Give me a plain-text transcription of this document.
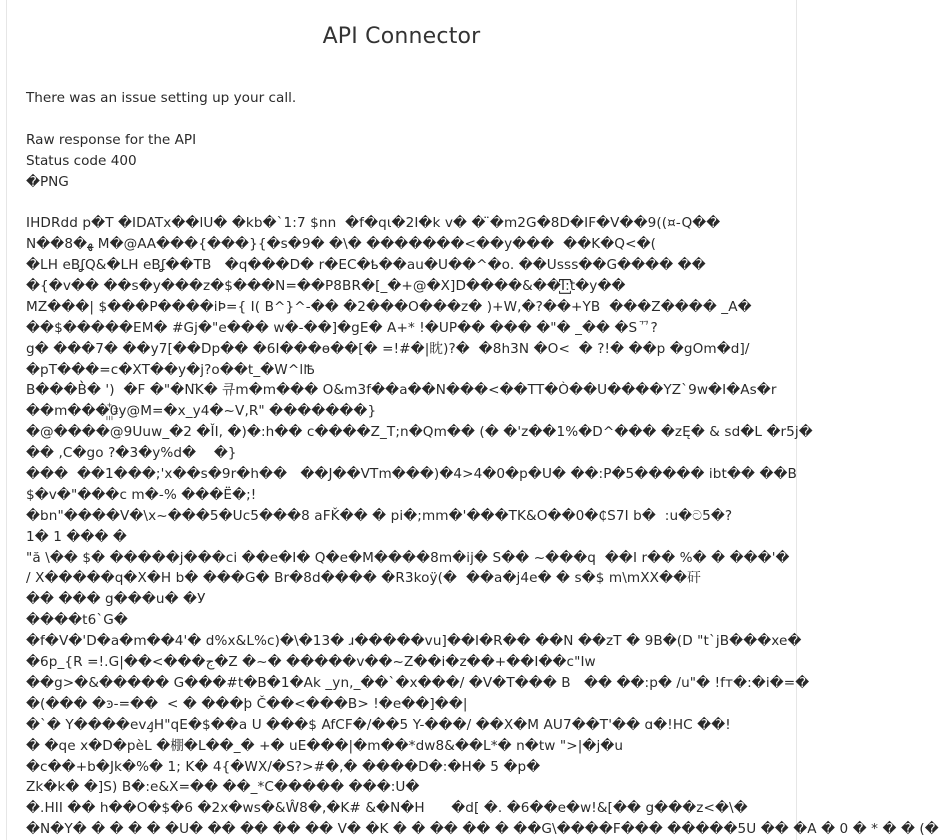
API Connector
There was an issue setting up your call.
Raw response for the API
Status code 400
�PNG
IHDRdd p�T �IDATx��lU� �kb�`1:7 $nn  �f�qɩ�2I�k v� � ̈�m2G�8D�IF�V��9((¤-Q��
N��8�ﻬ M�@ꓮA���{���}{�s�9� �\� �������<��y���  ��K�Q<�(
�LH eBʆQ&�LH eBʆ��TB   �q���D� r�EC�ҍ��au�U��^�o. ��Usss��G���� ��
�{�v�� ��s�y���z�$���N=��P8BR�[_�+@�X]D����&��I꙱:t�y��
MZ���| $���P����iÞ={ I( B^}^-�� �2���O���z� )+W,�?��+YB  ���Z���� _A�
��$�����EM� #Gj�"e��� w�-��]�gE� A+* !�UP�� ��� �"� _�� �Sᄁ?
g� ���7� ��y7[��Dp�� �6I���ɵ��[� =!#�|眈)?�  �8h3N �O<  � ?!� ��p �gOm�d]/
�pT���=c�XT��y�j?o��t_�W^lꙒ
B���B̀̀� ')  �F �"�N꙼K� 큐m�m��� O&m3f��a��N���<��TT�Ò��U����YZ`9w�I�As�r
��m���꙲0y@M=�x_y4�~V,R" �������}
�@����@9Uuw_�2 �ǏI, �)�:h�� c����Z_T;n�Qm�� (� �'z��1%�D^��� �zĘ� & sd�L �r5j�
�� ,C�go ?�3�y%d�    �}
���  ��1���;'x��s�9r�h��   ��J��VTm���)�4>4�0�p�U� ��:P�5����� ibt�� ��B
$�v�"���c m�-% ���Ë�;!
�bn"����V�\x~���5�Uc5���8 aFǨ�� � pi�;mm�'���TK&O��0�₵S7I b�  :u�ට5�?
1� 1 ��� �
"ă \�� $� �����j���ci ��e�I� Q�e�M����8m�ij� S�� ~���q  ��I r�� %� � ���'�
/ X�����q�X�H b� ���G� Br�8d���� �R3koÿ(�  ��a�j4e� � s�$ m\mXX��矸
�� ��� g���u� �У
����t6`G�
�f�V�'D�a�m��4'� d%x&L%c)�\�13� ɹ�����vu]��I�R�� ��N ��zT � 9B�(D "t`jB���xe�
�6p_{R =!.G|��<���ج�Z �~� �����v��~Z��i�z��+��I��c"Iw
��g>�&����� G���#t�B�1�Ak _yn,_��`�x���/ �V�T��� B   �� ��:p� /u"� !fт�:�i�=�
�(��� �ͽ-=��  < � ���ϸ Č��<���B> !�e��]��|
�`� Y����evꜭH"qE�$��a U ���$ AfCF�/��5 Y-���/ ��X�M AU7��T'�� ɑ�!HC ��!
� �qe x�D�pèL �棚�L��_� +� uE���|�m��*dw8&��L*� n�tw ">|�j�u
�c��+b�Jk�%� 1; K� 4{�WX/�S?>#�,� ����D�:�H� 5 �p�
Zk�k� �]S) B�:e&X=�� ��_*C����� ���:U�
�.HII �� h��O�$�6 �2x�ws�&Ŵ8�,�K# &�N�H      �d[ �. �6��e�w!&[�� g���z<�\�
�N�Y� � � � � �U� �� �� �� �� V� �K � � �� �� � ��G\����F��� �����5U �� �A � 0 � * � � (�
